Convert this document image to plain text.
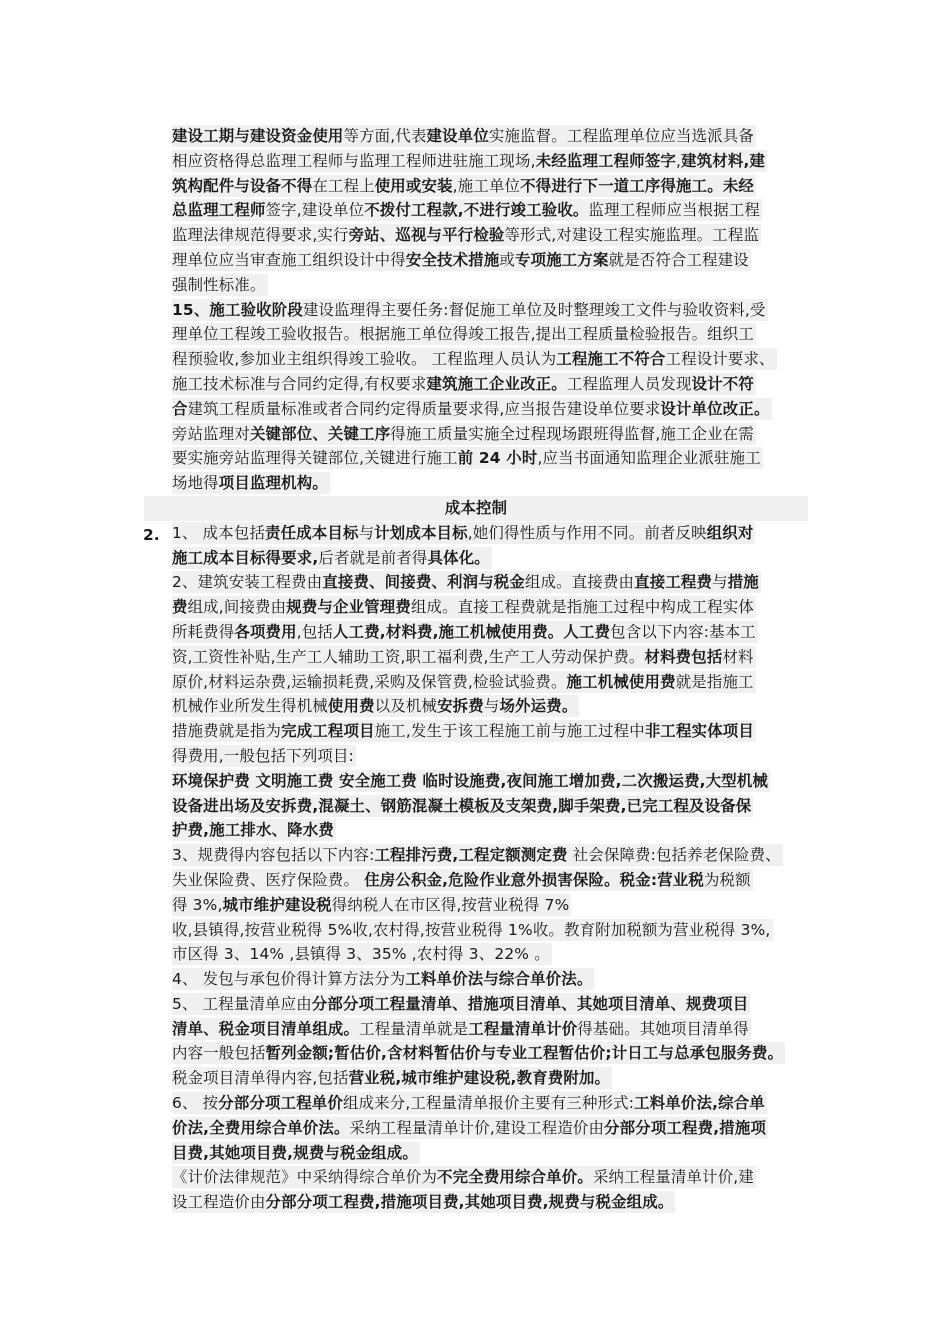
2.
建设工期与建设资金使用等方面,代表建设单位实施监督。工程监理单位应当选派具备
相应资格得总监理工程师与监理工程师进驻施工现场,未经监理工程师签字,建筑材料,建
筑构配件与设备不得在工程上使用或安装,施工单位不得进行下一道工序得施工。未经
总监理工程师签字,建设单位不拨付工程款,不进行竣工验收。监理工程师应当根据工程
监理法律规范得要求,实行旁站、巡视与平行检验等形式,对建设工程实施监理。工程监
理单位应当审查施工组织设计中得安全技术措施或专项施工方案就是否符合工程建设
强制性标准。
15、施工验收阶段建设监理得主要任务:督促施工单位及时整理竣工文件与验收资料,受
理单位工程竣工验收报告。根据施工单位得竣工报告,提出工程质量检验报告。组织工
程预验收,参加业主组织得竣工验收。 工程监理人员认为工程施工不符合工程设计要求、
施工技术标准与合同约定得,有权要求建筑施工企业改正。工程监理人员发现设计不符
合建筑工程质量标准或者合同约定得质量要求得,应当报告建设单位要求设计单位改正。
旁站监理对关键部位、关键工序得施工质量实施全过程现场跟班得监督,施工企业在需
要实施旁站监理得关键部位,关键进行施工前 24 小时,应当书面通知监理企业派驻施工
场地得项目监理机构。
成本控制
1、 成本包括责任成本目标与计划成本目标,她们得性质与作用不同。前者反映组织对
施工成本目标得要求,后者就是前者得具体化。
2、建筑安装工程费由直接费、间接费、利润与税金组成。直接费由直接工程费与措施
费组成,间接费由规费与企业管理费组成。直接工程费就是指施工过程中构成工程实体
所耗费得各项费用,包括人工费,材料费,施工机械使用费。人工费包含以下内容:基本工
资,工资性补贴,生产工人辅助工资,职工福利费,生产工人劳动保护费。材料费包括材料
原价,材料运杂费,运输损耗费,采购及保管费,检验试验费。施工机械使用费就是指施工
机械作业所发生得机械使用费以及机械安拆费与场外运费。
措施费就是指为完成工程项目施工,发生于该工程施工前与施工过程中非工程实体项目
得费用,一般包括下列项目:
环境保护费 文明施工费 安全施工费 临时设施费,夜间施工增加费,二次搬运费,大型机械
设备进出场及安拆费,混凝土、钢筋混凝土模板及支架费,脚手架费,已完工程及设备保
护费,施工排水、降水费
3、规费得内容包括以下内容:工程排污费,工程定额测定费 社会保障费:包括养老保险费、
失业保险费、医疗保险费。 住房公积金,危险作业意外损害保险。税金:营业税为税额
得 3%,城市维护建设税得纳税人在市区得,按营业税得 7%
收,县镇得,按营业税得 5%收,农村得,按营业税得 1%收。教育附加税额为营业税得 3%,
市区得 3、14% ,县镇得 3、35% ,农村得 3、22% 。
4、 发包与承包价得计算方法分为工料单价法与综合单价法。
5、 工程量清单应由分部分项工程量清单、措施项目清单、其她项目清单、规费项目
清单、税金项目清单组成。工程量清单就是工程量清单计价得基础。其她项目清单得
内容一般包括暂列金额;暂估价,含材料暂估价与专业工程暂估价;计日工与总承包服务费。
税金项目清单得内容,包括营业税,城市维护建设税,教育费附加。
6、 按分部分项工程单价组成来分,工程量清单报价主要有三种形式:工料单价法,综合单
价法,全费用综合单价法。采纳工程量清单计价,建设工程造价由分部分项工程费,措施项
目费,其她项目费,规费与税金组成。
《计价法律规范》中采纳得综合单价为不完全费用综合单价。采纳工程量清单计价,建
设工程造价由分部分项工程费,措施项目费,其她项目费,规费与税金组成。
